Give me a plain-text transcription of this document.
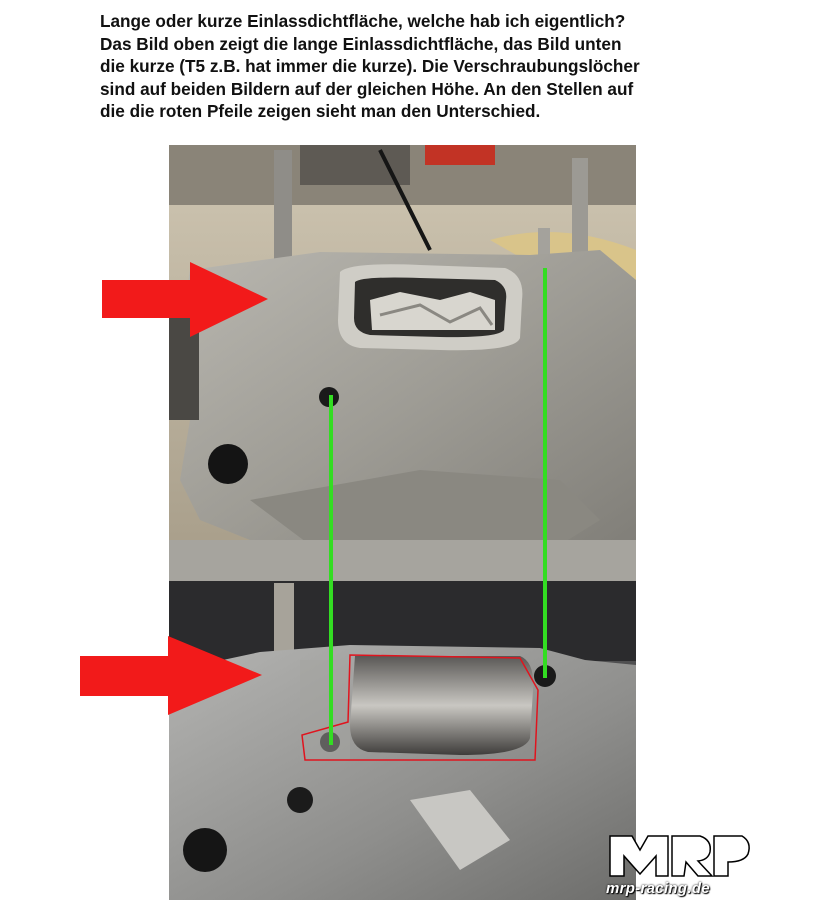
Lange oder kurze Einlassdichtfläche, welche hab ich eigentlich?
Das Bild oben zeigt die lange Einlassdichtfläche, das Bild unten
die kurze (T5 z.B. hat immer die kurze). Die Verschraubungslöcher
sind auf beiden Bildern auf der gleichen Höhe. An den Stellen auf
die die roten Pfeile zeigen sieht man den Unterschied.
mrp-racing.de
